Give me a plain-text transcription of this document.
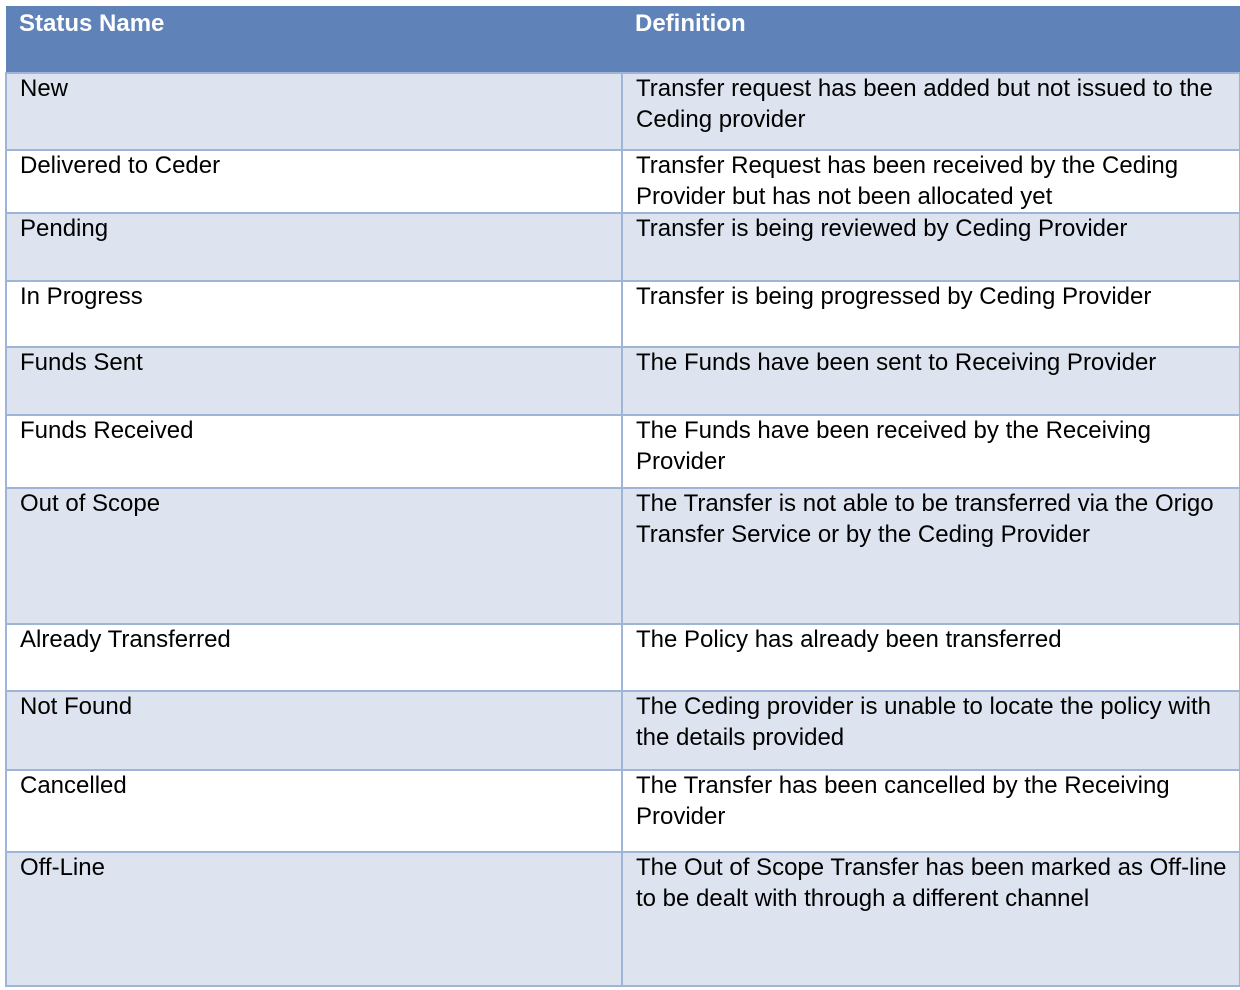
Status Name	Definition
New	Transfer request has been added but not issued to the Ceding provider
Delivered to Ceder	Transfer Request has been received by the Ceding Provider but has not been allocated yet
Pending	Transfer is being reviewed by Ceding Provider
In Progress	Transfer is being progressed by Ceding Provider
Funds Sent	The Funds have been sent to Receiving Provider
Funds Received	The Funds have been received by the Receiving Provider
Out of Scope	The Transfer is not able to be transferred via the Origo Transfer Service or by the Ceding Provider
Already Transferred	The Policy has already been transferred
Not Found	The Ceding provider is unable to locate the policy with the details provided
Cancelled	The Transfer has been cancelled by the Receiving Provider
Off-Line	The Out of Scope Transfer has been marked as Off-line to be dealt with through a different channel
